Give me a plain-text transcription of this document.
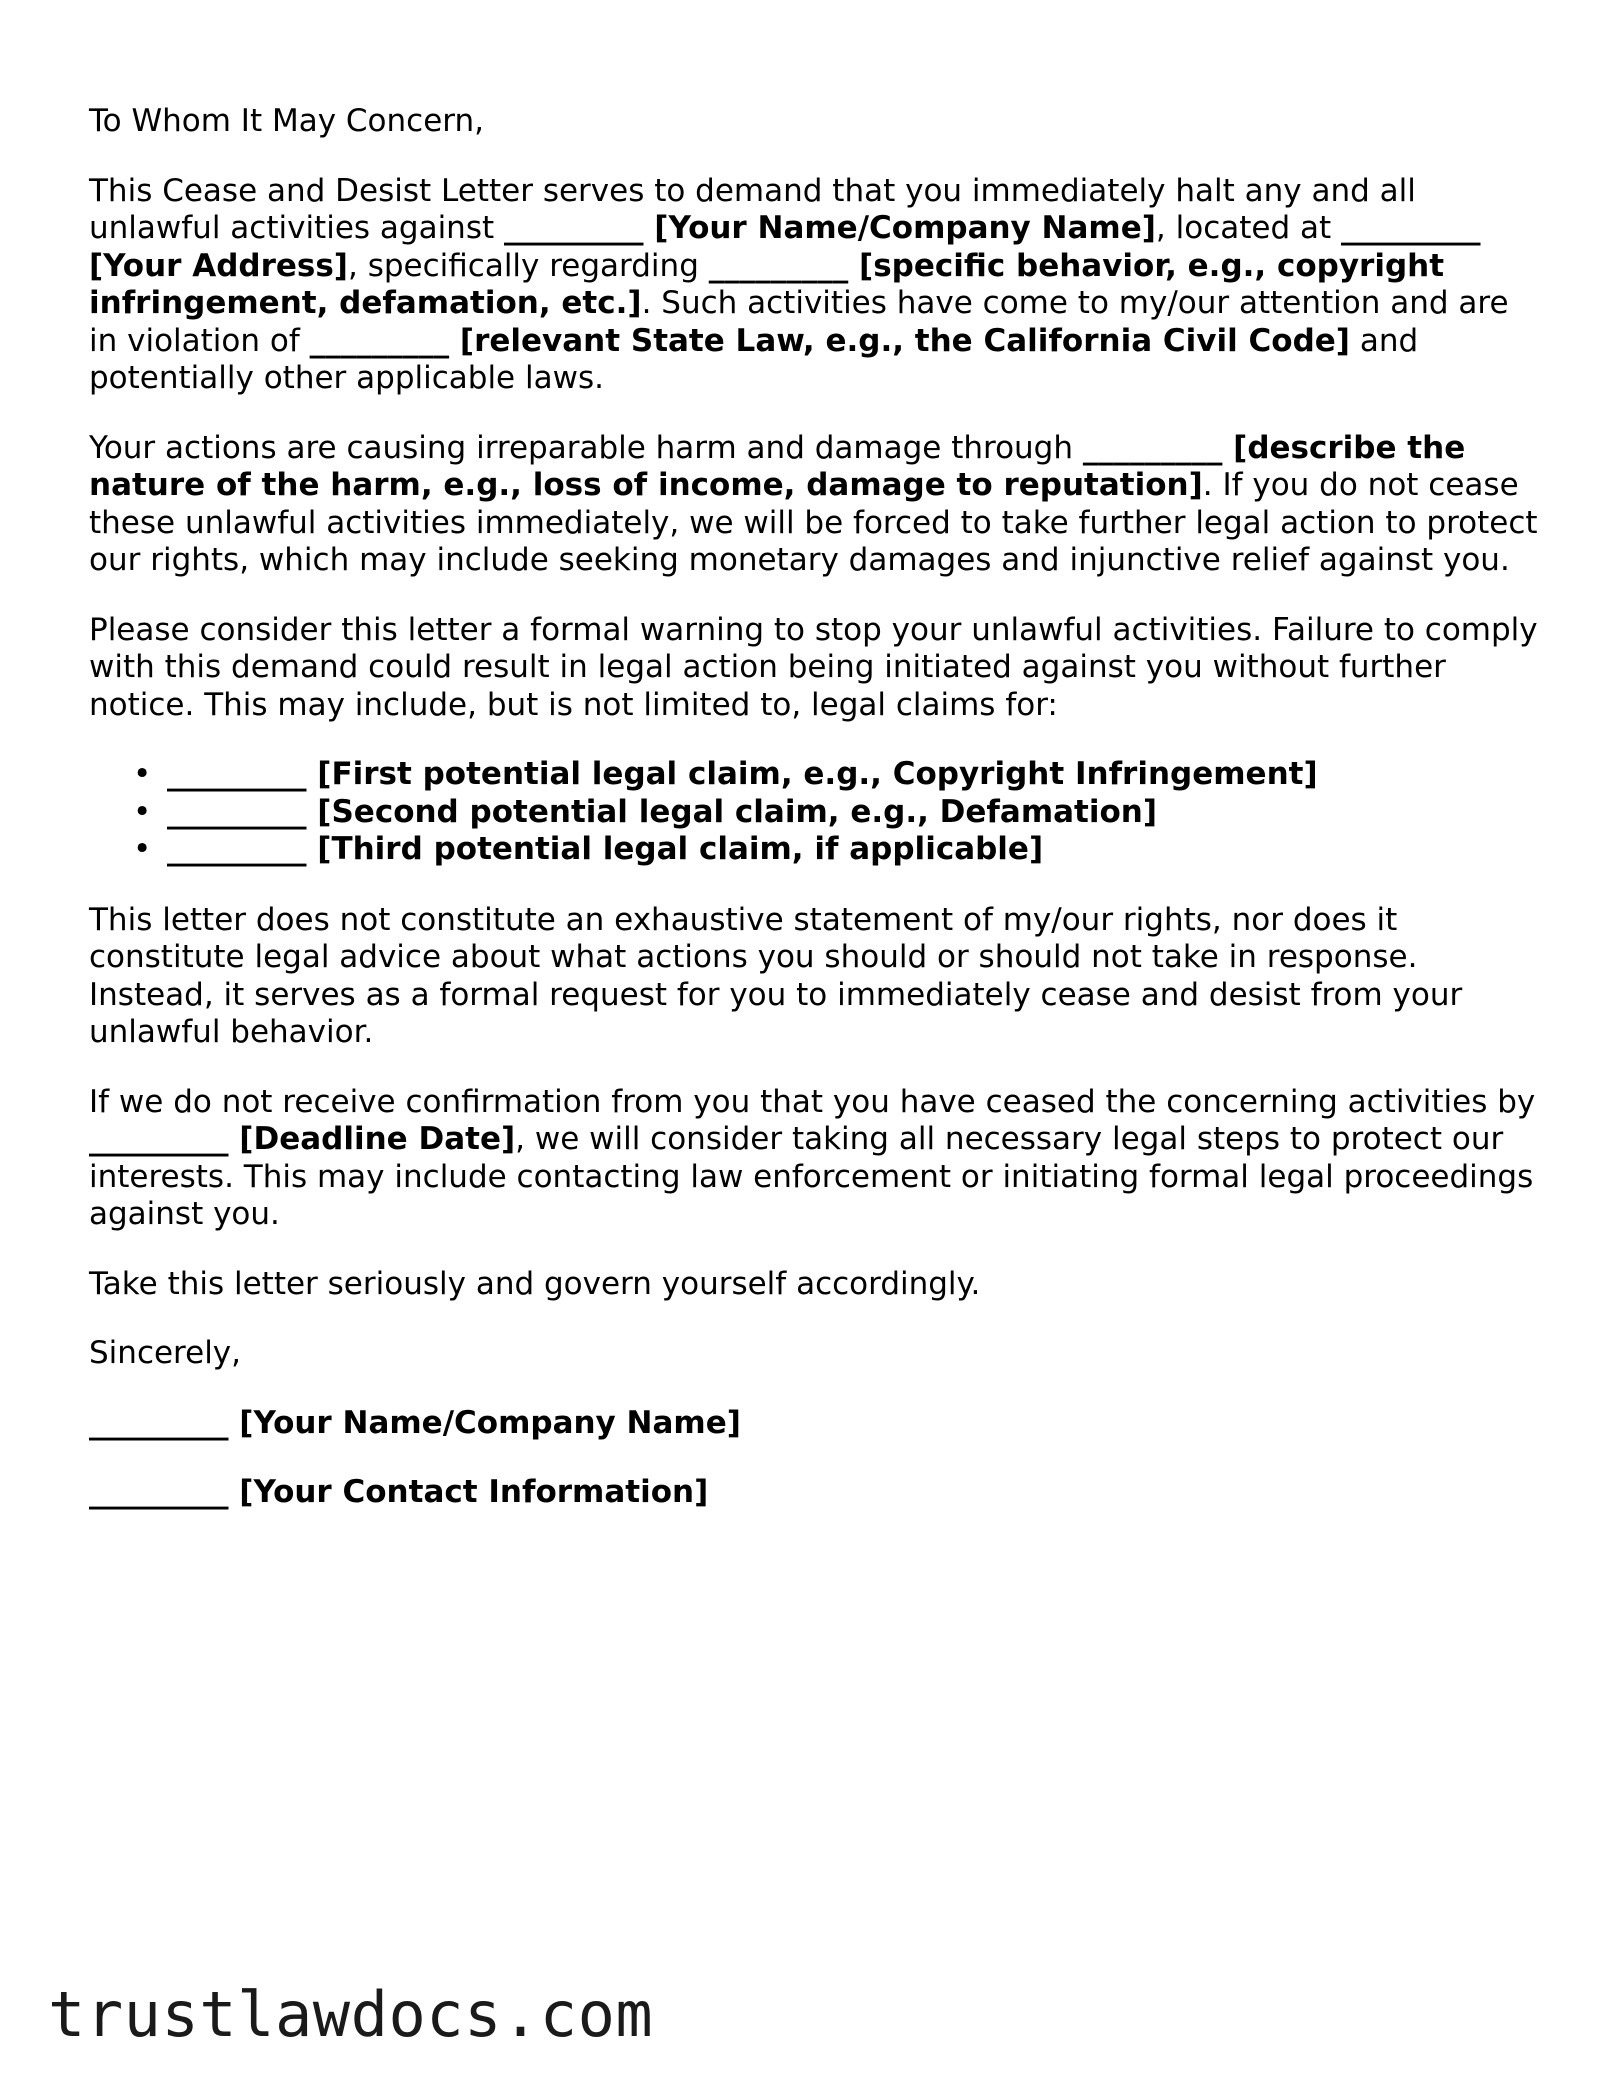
To Whom It May Concern,

This Cease and Desist Letter serves to demand that you immediately halt any and all unlawful activities against _________ [Your Name/Company Name], located at _________ [Your Address], specifically regarding _________ [specific behavior, e.g., copyright infringement, defamation, etc.]. Such activities have come to my/our attention and are in violation of _________ [relevant State Law, e.g., the California Civil Code] and potentially other applicable laws.

Your actions are causing irreparable harm and damage through _________ [describe the nature of the harm, e.g., loss of income, damage to reputation]. If you do not cease these unlawful activities immediately, we will be forced to take further legal action to protect our rights, which may include seeking monetary damages and injunctive relief against you.

Please consider this letter a formal warning to stop your unlawful activities. Failure to comply with this demand could result in legal action being initiated against you without further notice. This may include, but is not limited to, legal claims for:

• _________ [First potential legal claim, e.g., Copyright Infringement]
• _________ [Second potential legal claim, e.g., Defamation]
• _________ [Third potential legal claim, if applicable]

This letter does not constitute an exhaustive statement of my/our rights, nor does it constitute legal advice about what actions you should or should not take in response. Instead, it serves as a formal request for you to immediately cease and desist from your unlawful behavior.

If we do not receive confirmation from you that you have ceased the concerning activities by _________ [Deadline Date], we will consider taking all necessary legal steps to protect our interests. This may include contacting law enforcement or initiating formal legal proceedings against you.

Take this letter seriously and govern yourself accordingly.

Sincerely,

_________ [Your Name/Company Name]

_________ [Your Contact Information]

trustlawdocs.com
